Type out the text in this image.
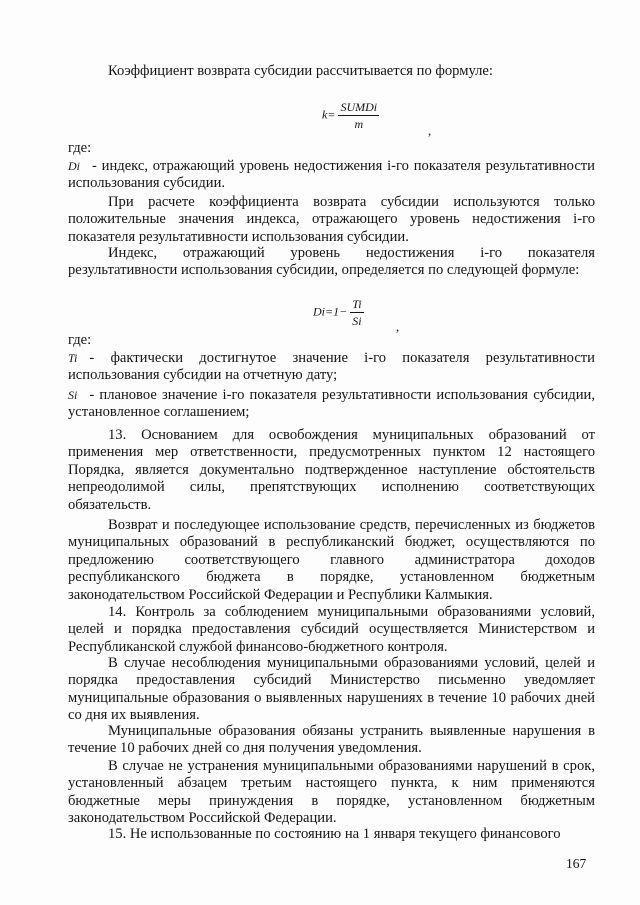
Коэффициент возврата субсидии рассчитывается по формуле:

$k= \frac{\text{SUMDi}}{m}$	,

где:

Di - индекс, отражающий уровень недостижения i-го показателя результативности использования субсидии.

При расчете коэффициента возврата субсидии используются только положительные значения индекса, отражающего уровень недостижения i-го показателя результативности использования субсидии.

Индекс, отражающий уровень недостижения i-го показателя результативности использования субсидии, определяется по следующей формуле:

$Di=1- \frac{Ti}{Si}$ ,

где:

Ti - фактически достигнутое значение i-го показателя результативности использования субсидии на отчетную дату;

Si - плановое значение i-го показателя результативности использования субсидии, установленное соглашением;

13. Основанием для освобождения муниципальных образований от применения мер ответственности, предусмотренных пунктом 12 настоящего Порядка, является документально подтвержденное наступление обстоятельств непреодолимой силы, препятствующих исполнению соответствующих обязательств.

Возврат и последующее использование средств, перечисленных из бюджетов муниципальных образований в республиканский бюджет, осуществляются по предложению соответствующего главного администратора доходов республиканского бюджета в порядке, установленном бюджетным законодательством Российской Федерации и Республики Калмыкия.

14. Контроль за соблюдением муниципальными образованиями условий, целей и порядка предоставления субсидий осуществляется Министерством и Республиканской службой финансово-бюджетного контроля.

В случае несоблюдения муниципальными образованиями условий, целей и порядка предоставления субсидий Министерство письменно уведомляет муниципальные образования о выявленных нарушениях в течение 10 рабочих дней со дня их выявления.

Муниципальные образования обязаны устранить выявленные нарушения в течение 10 рабочих дней со дня получения уведомления.

В случае не устранения муниципальными образованиями нарушений в срок, установленный абзацем третьим настоящего пункта, к ним применяются бюджетные меры принуждения в порядке, установленном бюджетным законодательством Российской Федерации.

15. Не использованные по состоянию на 1 января текущего финансового

167
